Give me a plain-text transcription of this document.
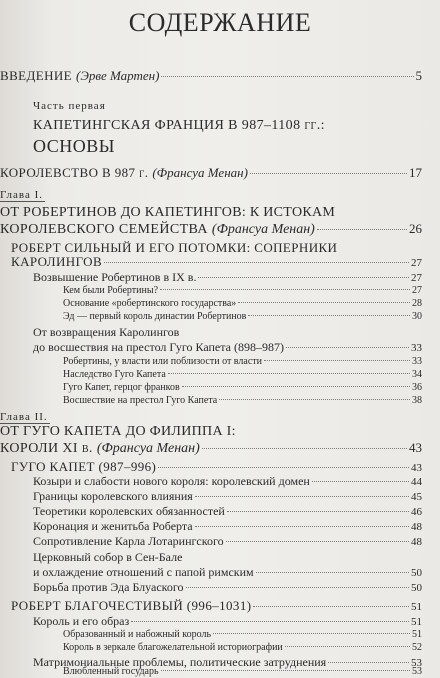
СОДЕРЖАНИЕ
ВВЕДЕНИЕ (Эрве Мартен)	5
Часть первая
КАПЕТИНГСКАЯ ФРАНЦИЯ В 987–1108 гг.:
ОСНОВЫ
КОРОЛЕВСТВО В 987 г. (Франсуа Менан)	17
Глава I.
ОТ РОБЕРТИНОВ ДО КАПЕТИНГОВ: К ИСТОКАМ
КОРОЛЕВСКОГО СЕМЕЙСТВА (Франсуа Менан)	26
РОБЕРТ СИЛЬНЫЙ И ЕГО ПОТОМКИ: СОПЕРНИКИ
КАРОЛИНГОВ	27
Возвышение Робертинов в IX в.	27
Кем были Робертины?	27
Основание «робертинского государства»	28
Эд — первый король династии Робертинов	30
От возвращения Каролингов
до восшествия на престол Гуго Капета (898–987)	33
Робертины, у власти или поблизости от власти	33
Наследство Гуго Капета	34
Гуго Капет, герцог франков	36
Восшествие на престол Гуго Капета	38
Глава II.
ОТ ГУГО КАПЕТА ДО ФИЛИППА I:
КОРОЛИ XI в. (Франсуа Менан)	43
ГУГО КАПЕТ (987–996)	43
Козыри и слабости нового короля: королевский домен	44
Границы королевского влияния	45
Теоретики королевских обязанностей	46
Коронация и женитьба Роберта	48
Сопротивление Карла Лотарингского	48
Церковный собор в Сен-Бале
и охлаждение отношений с папой римским	50
Борьба против Эда Блуаского	50
РОБЕРТ БЛАГОЧЕСТИВЫЙ (996–1031)	51
Король и его образ	51
Образованный и набожный король	51
Король в зеркале благожелательной историографии	52
Матримониальные проблемы, политические затруднения	53
Влюбленный государь	53
